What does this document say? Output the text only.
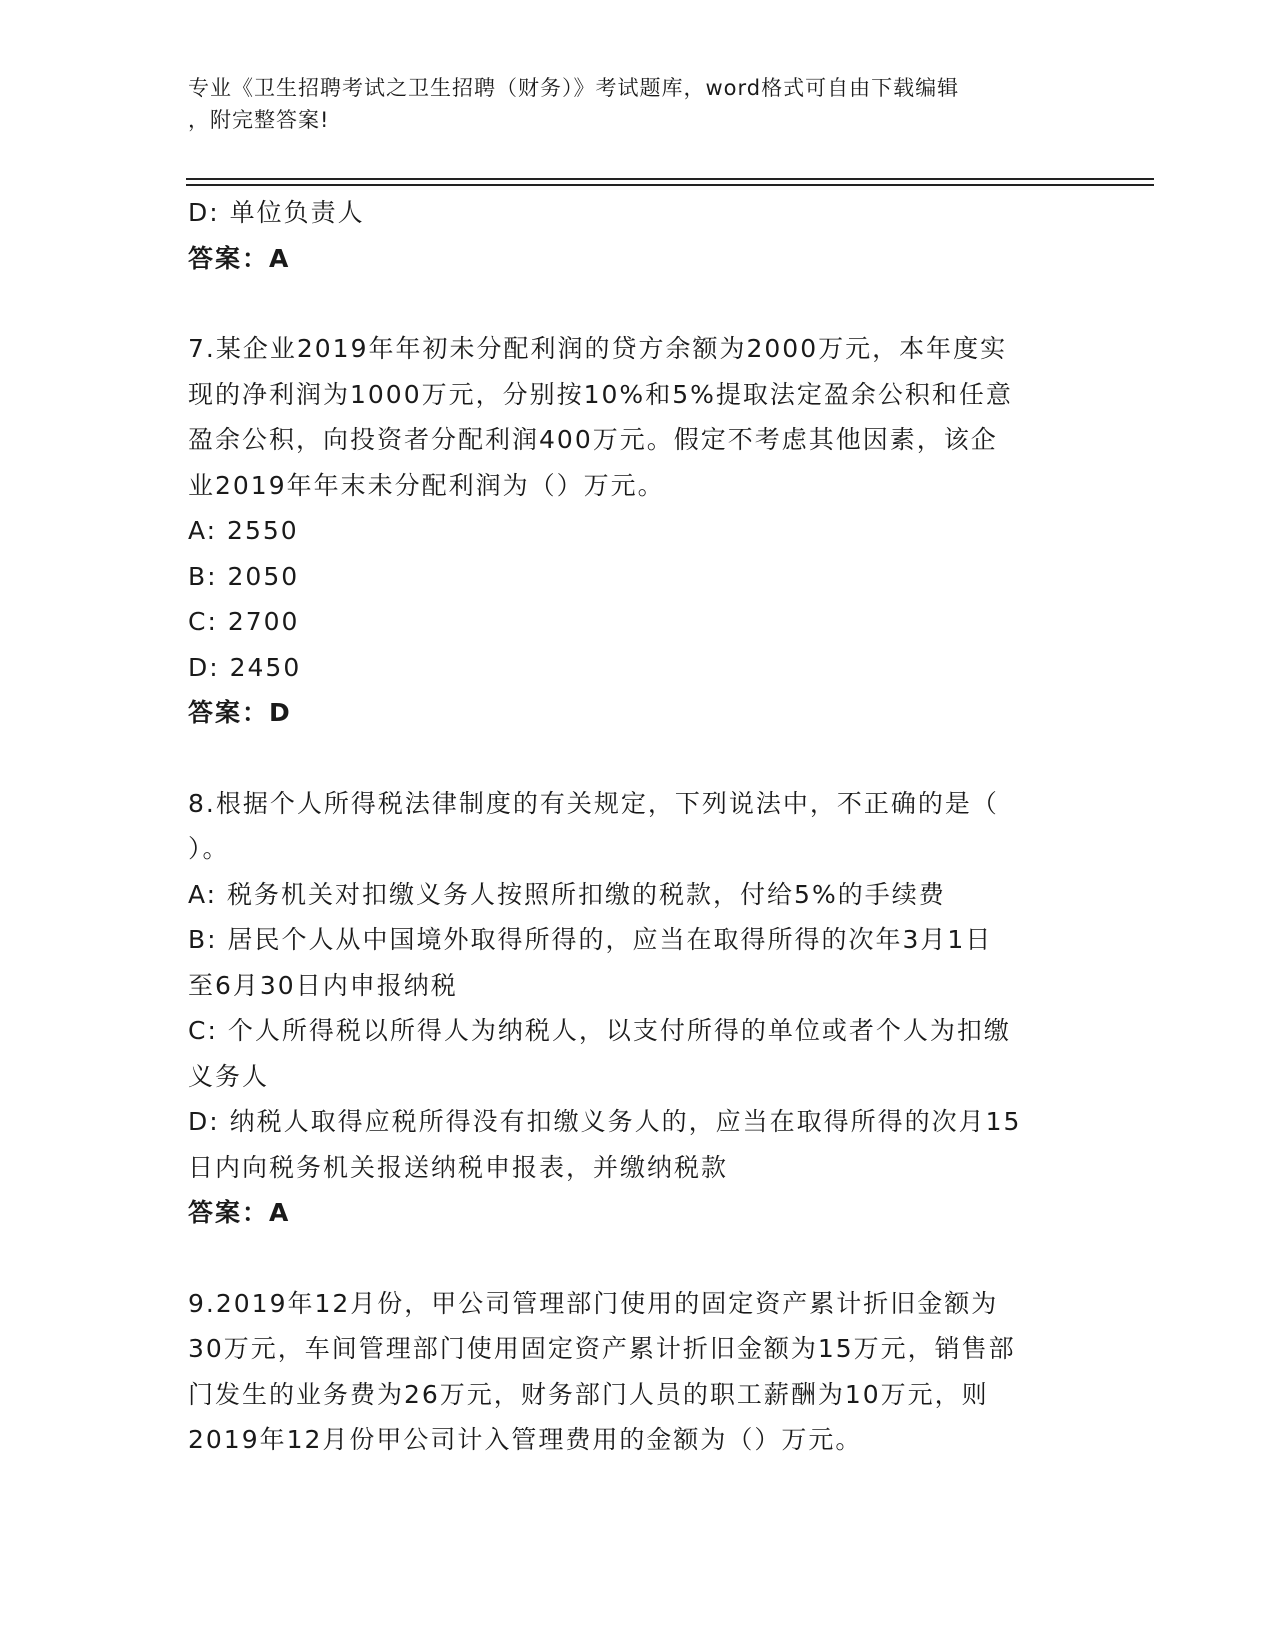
专业《卫生招聘考试之卫生招聘（财务）》考试题库，word格式可自由下载编辑
，附完整答案!
D: 单位负责人
答案：A
7.某企业2019年年初未分配利润的贷方余额为2000万元，本年度实
现的净利润为1000万元，分别按10%和5%提取法定盈余公积和任意
盈余公积，向投资者分配利润400万元。假定不考虑其他因素，该企
业2019年年末未分配利润为（）万元。
A: 2550
B: 2050
C: 2700
D: 2450
答案：D
8.根据个人所得税法律制度的有关规定，下列说法中，不正确的是（
）。
A: 税务机关对扣缴义务人按照所扣缴的税款，付给5%的手续费
B: 居民个人从中国境外取得所得的，应当在取得所得的次年3月1日
至6月30日内申报纳税
C: 个人所得税以所得人为纳税人，以支付所得的单位或者个人为扣缴
义务人
D: 纳税人取得应税所得没有扣缴义务人的，应当在取得所得的次月15
日内向税务机关报送纳税申报表，并缴纳税款
答案：A
9.2019年12月份，甲公司管理部门使用的固定资产累计折旧金额为
30万元，车间管理部门使用固定资产累计折旧金额为15万元，销售部
门发生的业务费为26万元，财务部门人员的职工薪酬为10万元，则
2019年12月份甲公司计入管理费用的金额为（）万元。
